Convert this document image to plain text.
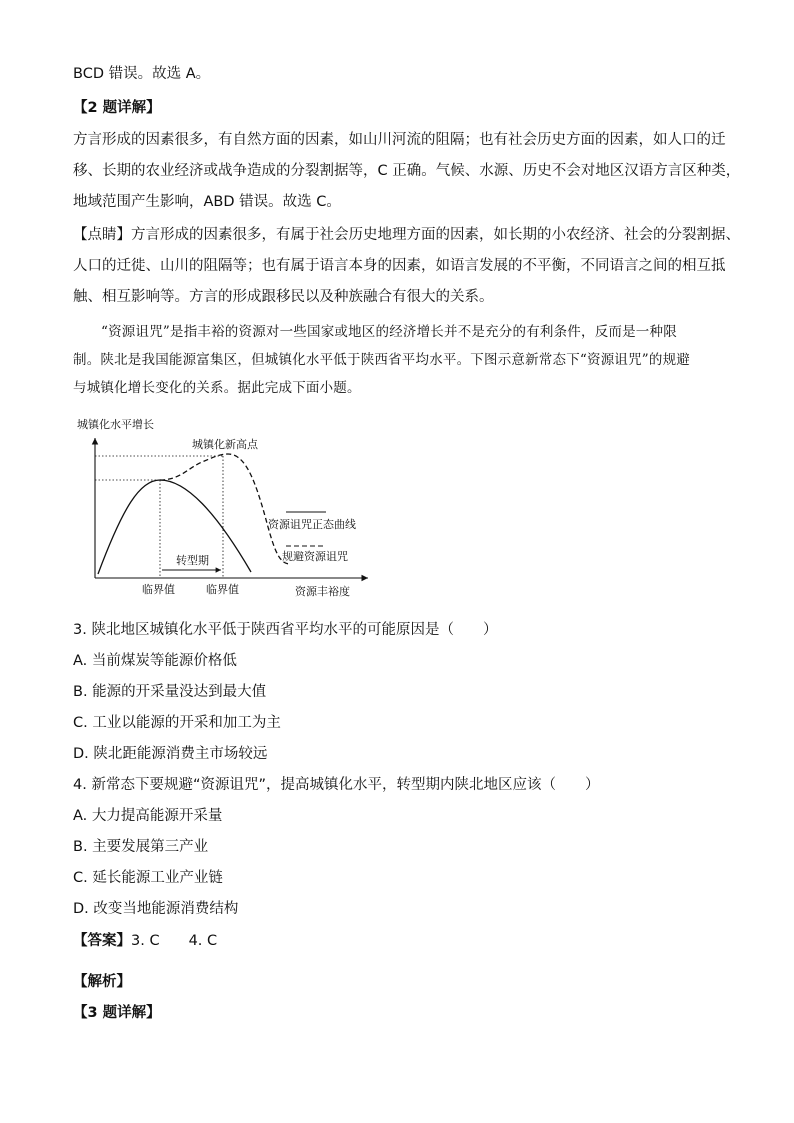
BCD 错误。故选 A。
【2 题详解】
方言形成的因素很多，有自然方面的因素，如山川河流的阻隔；也有社会历史方面的因素，如人口的迁
移、长期的农业经济或战争造成的分裂割据等，C 正确。气候、水源、历史不会对地区汉语方言区种类，
地域范围产生影响，ABD 错误。故选 C。
【点睛】方言形成的因素很多，有属于社会历史地理方面的因素，如长期的小农经济、社会的分裂割据、
人口的迁徙、山川的阻隔等；也有属于语言本身的因素，如语言发展的不平衡，不同语言之间的相互抵
触、相互影响等。方言的形成跟移民以及种族融合有很大的关系。
“资源诅咒”是指丰裕的资源对一些国家或地区的经济增长并不是充分的有利条件，反而是一种限
制。陕北是我国能源富集区，但城镇化水平低于陕西省平均水平。下图示意新常态下“资源诅咒”的规避
与城镇化增长变化的关系。据此完成下面小题。
城镇化水平增长
资源丰裕度
转型期
临界值	临界值
城镇化新高点
资源诅咒正态曲线
规避资源诅咒
3. 陕北地区城镇化水平低于陕西省平均水平的可能原因是（　　）
A. 当前煤炭等能源价格低
B. 能源的开采量没达到最大值
C. 工业以能源的开采和加工为主
D. 陕北距能源消费主市场较远
4. 新常态下要规避“资源诅咒”，提高城镇化水平，转型期内陕北地区应该（　　）
A. 大力提高能源开采量
B. 主要发展第三产业
C. 延长能源工业产业链
D. 改变当地能源消费结构
【答案】3. C　　4. C
【解析】
【3 题详解】
